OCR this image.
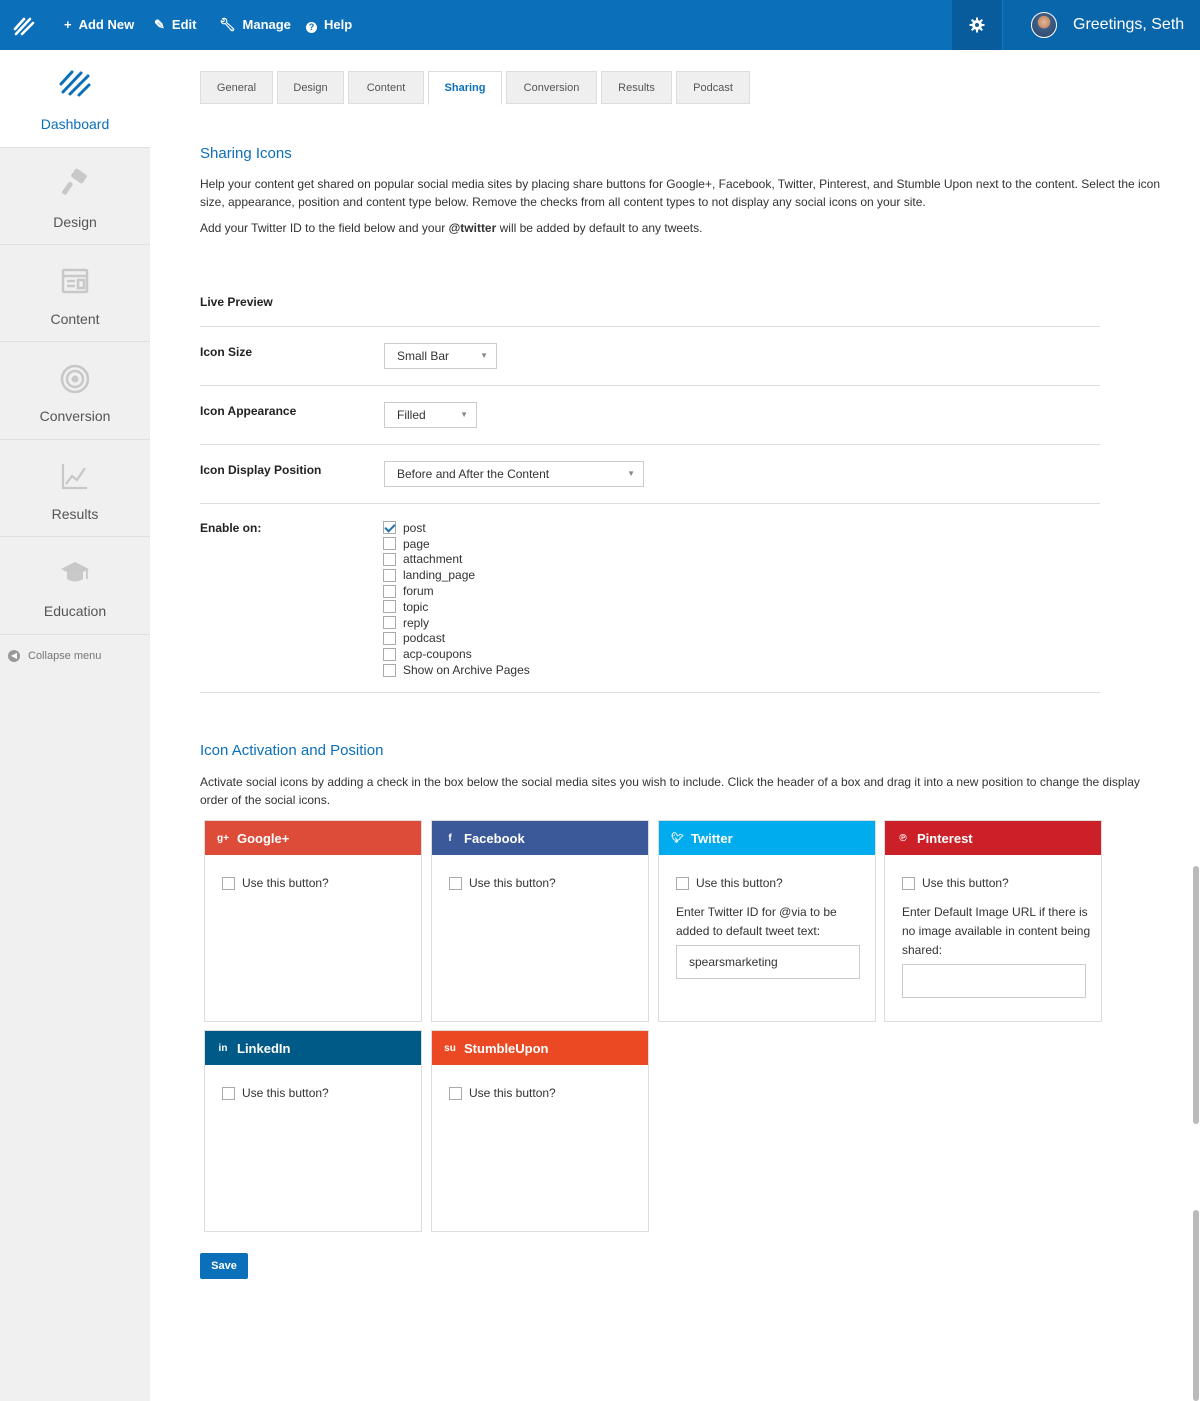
+ Add New ✎ Edit 🔧︎ Manage	? Help	Greetings, Seth
Dashboard
Design
Content
Conversion
Results
Education
◀ Collapse menu
General	Design	Content	Sharing	Conversion	Results	Podcast
Sharing Icons
Help your content get shared on popular social media sites by placing share buttons for Google+, Facebook, Twitter, Pinterest, and Stumble Upon next to the content. Select the icon size, appearance, position and content type below. Remove the checks from all content types to not display any social icons on your site.
Add your Twitter ID to the field below and your @twitter will be added by default to any tweets.
Live Preview
Icon Size	Small Bar	▼
Icon Appearance	Filled	▼
Icon Display Position	Before and After the Content	▼
Enable on:	post
page
attachment
landing_page
forum
topic
reply
podcast
acp-coupons
Show on Archive Pages
Icon Activation and Position
Activate social icons by adding a check in the box below the social media sites you wish to include. Click the header of a box and drag it into a new position to change the display order of the social icons.
g+ Google+
Use this button?
f Facebook
Use this button?
🐦︎ Twitter
Use this button?
Enter Twitter ID for @via to be added to default tweet text:
spearsmarketing
℗ Pinterest
Use this button?
Enter Default Image URL if there is no image available in content being shared:
in LinkedIn
Use this button?
su StumbleUpon
Use this button?
Save
